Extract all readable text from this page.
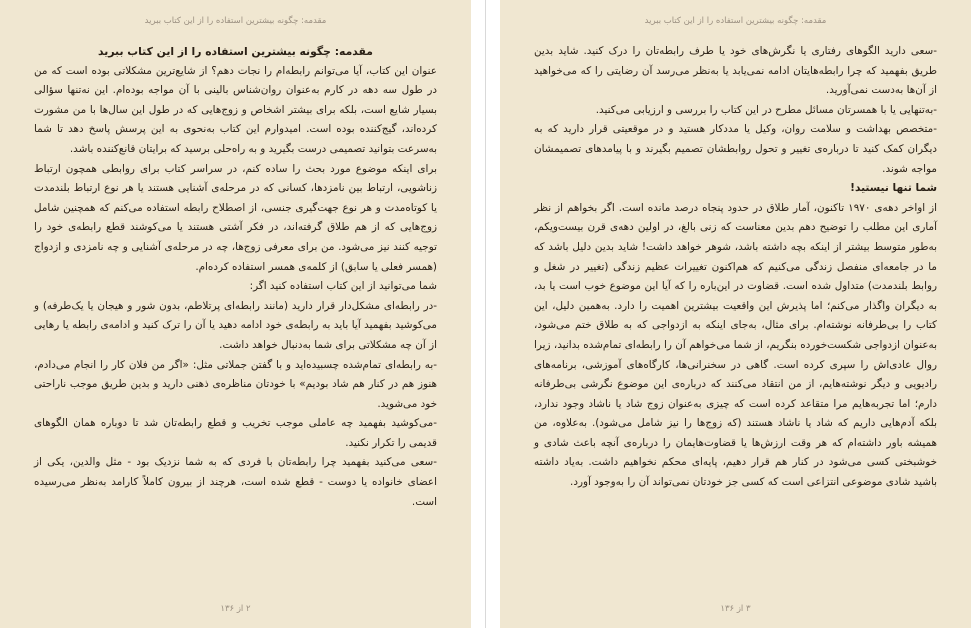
مقدمه: چگونه بیشترین استفاده را از این کتاب ببرید
مقدمه: چگونه بیشترین استفاده را از این کتاب ببرید

عنوان این کتاب، آیا می‌توانم رابطه‌ام را نجات دهم؟ از شایع‌ترین مشکلاتی بوده است که من در طول سه دهه در کارم به‌عنوان روان‌شناس بالینی با آن مواجه بوده‌ام. این نه‌تنها سؤالی بسیار شایع است، بلکه برای بیشتر اشخاص و زوج‌هایی که در طول این سال‌ها با من مشورت کرده‌اند، گیج‌کننده بوده است. امیدوارم این کتاب به‌نحوی به این پرسش پاسخ دهد تا شما به‌سرعت بتوانید تصمیمی درست بگیرید و به راه‌حلی برسید که برایتان قانع‌کننده باشد.

برای اینکه موضوع مورد بحث را ساده کنم، در سراسر کتاب برای روابطی همچون ارتباط زناشویی، ارتباط بین نامزدها، کسانی که در مرحله‌ی آشنایی هستند یا هر نوع ارتباط بلندمدت یا کوتاه‌مدت و هر نوع جهت‌گیری جنسی، از اصطلاح رابطه استفاده می‌کنم که همچنین شامل زوج‌هایی که از هم طلاق گرفته‌اند، در فکر آشتی هستند یا می‌کوشند قطع رابطه‌ی خود را توجیه کنند نیز می‌شود. من برای معرفی زوج‌ها، چه در مرحله‌ی آشنایی و چه نامزدی و ازدواج (همسر فعلی یا سابق) از کلمه‌ی همسر استفاده کرده‌ام.

شما می‌توانید از این کتاب استفاده کنید اگر:

-در رابطه‌ای مشکل‌دار قرار دارید (مانند رابطه‌ای پرتلاطم، بدون شور و هیجان یا یک‌طرفه) و می‌کوشید بفهمید آیا باید به رابطه‌ی خود ادامه دهید یا آن را ترک کنید و ادامه‌ی رابطه یا رهایی از آن چه مشکلاتی برای شما به‌دنبال خواهد داشت.

-به رابطه‌ای تمام‌شده چسبیده‌اید و با گفتن جملاتی مثل: «اگر من فلان کار را انجام می‌دادم، هنوز هم در کنار هم شاد بودیم» با خودتان مناظره‌ی ذهنی دارید و بدین طریق موجب ناراحتی خود می‌شوید.

-می‌کوشید بفهمید چه عاملی موجب تخریب و قطع رابطه‌تان شد تا دوباره همان الگوهای قدیمی را تکرار نکنید.

-سعی می‌کنید بفهمید چرا رابطه‌تان با فردی که به شما نزدیک بود - مثل والدین، یکی از اعضای خانواده یا دوست - قطع شده است، هرچند از بیرون کاملاً کارامد به‌نظر می‌رسیده است.

۲ از ۱۳۶
مقدمه: چگونه بیشترین استفاده را از این کتاب ببرید

-سعی دارید الگوهای رفتاری یا نگرش‌های خود یا طرف رابطه‌تان را درک کنید. شاید بدین طریق بفهمید که چرا رابطه‌هایتان ادامه نمی‌یابد یا به‌نظر می‌رسد آن رضایتی را که می‌خواهید از آن‌ها به‌دست نمی‌آورید.

-به‌تنهایی یا با همسرتان مسائل مطرح در این کتاب را بررسی و ارزیابی می‌کنید.

-متخصص بهداشت و سلامت روان، وکیل یا مددکار هستید و در موقعیتی قرار دارید که به دیگران کمک کنید تا درباره‌ی تغییر و تحول روابطشان تصمیم بگیرند و با پیامدهای تصمیمشان مواجه شوند.

شما تنها نیستید!

از اواخر دهه‌ی ۱۹۷۰ تاکنون، آمار طلاق در حدود پنجاه درصد مانده است. اگر بخواهم از نظر آماری این مطلب را توضیح دهم بدین معناست که زنی بالغ، در اولین دهه‌ی قرن بیست‌ویکم، به‌طور متوسط بیشتر از اینکه بچه داشته باشد، شوهر خواهد داشت! شاید بدین دلیل باشد که ما در جامعه‌ای منفصل زندگی می‌کنیم که هم‌اکنون تغییرات عظیم زندگی (تغییر در شغل و روابط بلندمدت) متداول شده است. قضاوت در این‌باره را که آیا این موضوع خوب است یا بد، به دیگران واگذار می‌کنم؛ اما پذیرش این واقعیت بیشترین اهمیت را دارد. به‌همین دلیل، این کتاب را بی‌طرفانه نوشته‌ام. برای مثال، به‌جای اینکه به ازدواجی که به طلاق ختم می‌شود، به‌عنوان ازدواجی شکست‌خورده بنگریم، از شما می‌خواهم آن را رابطه‌ای تمام‌شده بدانید، زیرا روال عادی‌اش را سپری کرده است. گاهی در سخنرانی‌ها، کارگاه‌های آموزشی، برنامه‌های رادیویی و دیگر نوشته‌هایم، از من انتقاد می‌کنند که درباره‌ی این موضوع نگرشی بی‌طرفانه دارم؛ اما تجربه‌هایم مرا متقاعد کرده است که چیزی به‌عنوان زوج شاد یا ناشاد وجود ندارد، بلکه آدم‌هایی داریم که شاد یا ناشاد هستند (که زوج‌ها را نیز شامل می‌شود). به‌علاوه، من همیشه باور داشته‌ام که هر وقت ارزش‌ها یا قضاوت‌هایمان را درباره‌ی آنچه باعث شادی و خوشبختی کسی می‌شود در کنار هم قرار دهیم، پایه‌ای محکم نخواهیم داشت. به‌یاد داشته باشید شادی موضوعی انتزاعی است که کسی جز خودتان نمی‌تواند آن را به‌وجود آورد.

۳ از ۱۳۶
